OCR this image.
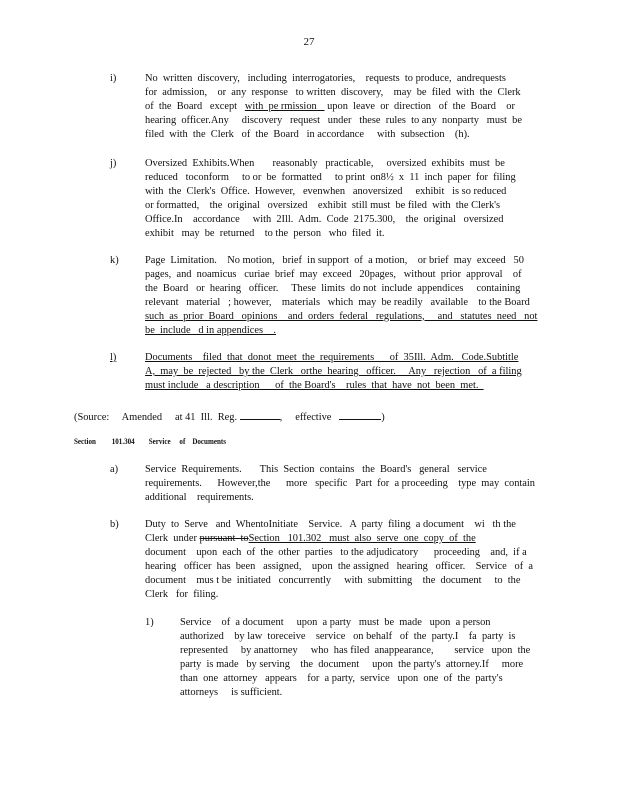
27
i)	No  written  discovery,   including  interrogatories,    requests  to produce,  andrequests
for  admission,    or  any  response   to written  discovery,    may  be  filed  with  the  Clerk
of  the  Board   except   with  pe rmission    upon  leave  or  direction   of  the  Board    or
hearing  officer.Any     discovery   request   under   these  rules  to any  nonparty   must  be
filed  with  the  Clerk   of  the  Board   in accordance     with  subsection    (h).
j)	Oversized  Exhibits.When       reasonably   practicable,     oversized  exhibits  must  be
reduced   toconform     to or  be  formatted     to print  on8½  x  11  inch  paper  for  filing
with  the  Clerk's  Office.  However,   evenwhen   anoversized     exhibit   is so reduced
or formatted,    the  original   oversized    exhibit  still must  be filed  with  the Clerk's
Office.In    accordance     with  2Ill.  Adm.  Code  2175.300,    the  original   oversized
exhibit   may  be  returned    to the  person   who  filed  it.
k)	Page  Limitation.    No motion,   brief  in support  of  a motion,    or brief  may  exceed   50
pages,  and  noamicus   curiae  brief  may  exceed   20pages,   without  prior  approval    of
the  Board   or  hearing   officer.     These  limits  do not  include  appendices     containing
relevant   material   ; however,    materials   which  may  be readily   available    to the Board
such  as  prior  Board   opinions    and  orders  federal   regulations,     and   statutes  need   not
be  include   d in appendices    .
l)	Documents    filed  that  donot  meet  the  requirements      of  35Ill.  Adm.   Code.Subtitle
A,  may  be  rejected   by the  Clerk   orthe  hearing   officer.     Any   rejection   of  a filing
must include   a description      of  the Board's    rules  that  have  not  been  met.
(Source:     Amended     at 41  Ill.  Reg.	,     effective	)
Section 101.304 Service     of    Documents
a)	Service  Requirements.       This  Section  contains   the  Board's   general   service
requirements.      However,the      more   specific   Part  for  a proceeding    type  may  contain
additional    requirements.
b)	Duty  to  Serve   and  WhentoInitiate    Service.   A  party  filing  a document    wi   th the
Clerk  under pursuant  toSection   101.302   must  also  serve  one  copy  of  the
document    upon  each  of  the  other  parties   to the adjudicatory      proceeding    and,  if a
hearing   officer  has  been   assigned,    upon  the assigned   hearing   officer.    Service   of  a
document    mus t be  initiated   concurrently     with  submitting    the  document     to  the
Clerk   for  filing.
1)	Service    of  a document     upon  a party   must  be  made   upon  a person
authorized    by law  toreceive    service   on behalf   of  the  party.I    fa  party  is
represented     by anattorney     who  has filed  anappearance,        service   upon  the
party  is made   by serving    the  document     upon  the party's  attorney.If     more
than  one  attorney   appears    for  a party,  service   upon  one  of  the  party's
attorneys     is sufficient.
